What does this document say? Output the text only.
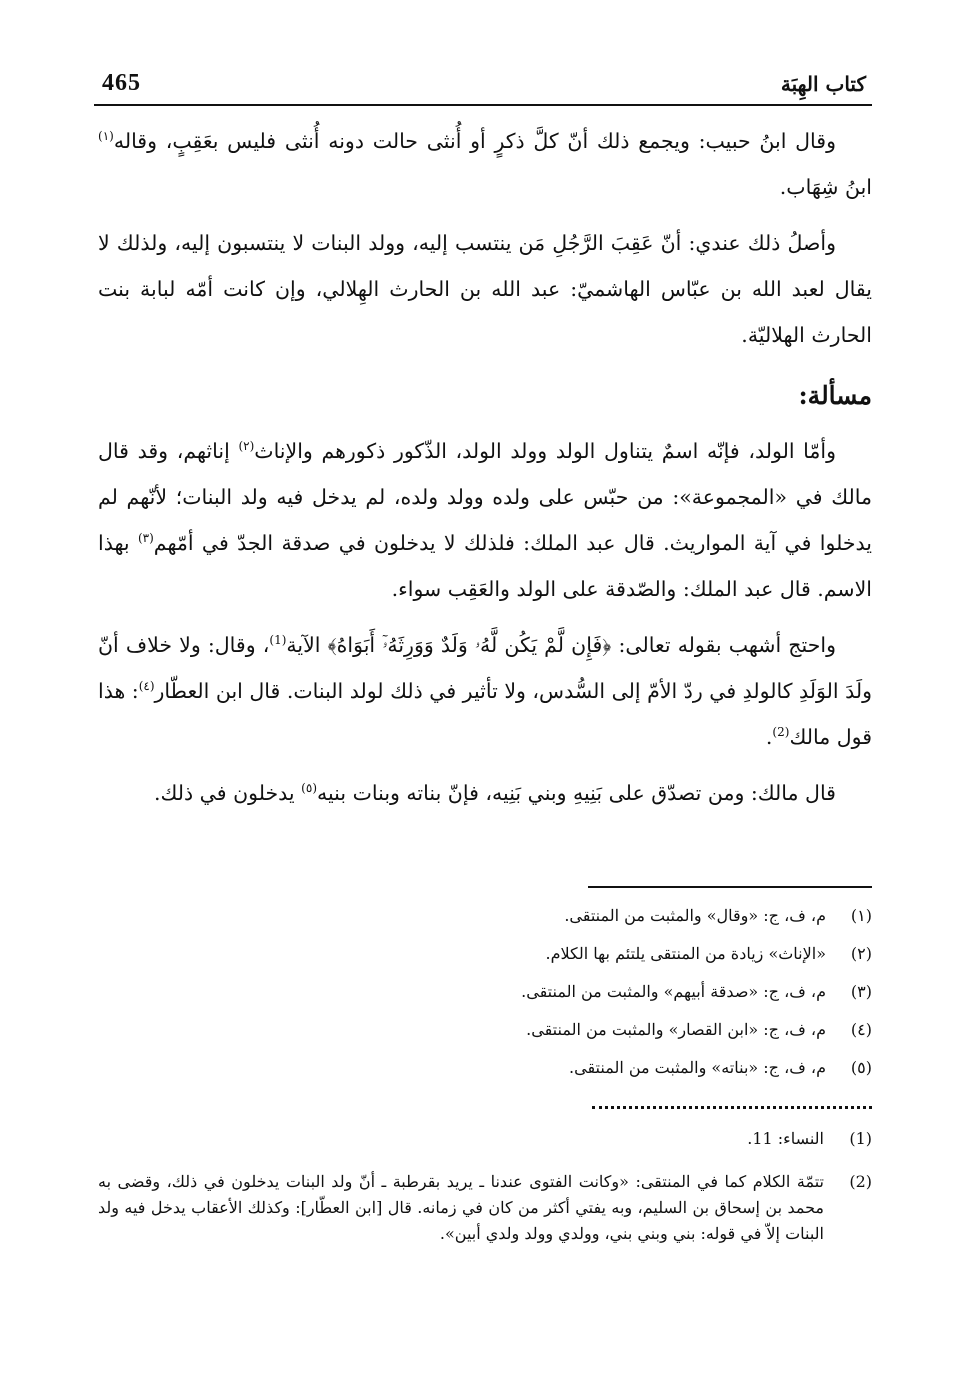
465	كتاب الهِبَة

وقال ابنُ حبيب: ويجمع ذلك أنّ كلَّ ذكرٍ أو أُنثى حالت دونه أُنثى فليس بعَقِبٍ، وقاله$^{(١)}$ ابنُ شِهَاب.

وأصلُ ذلك عندي: أنّ عَقِبَ الرَّجُلِ مَن ينتسب إليه، وولد البنات لا ينتسبون إليه، ولذلك لا يقال لعبد الله بن عبّاس الهاشميّ: عبد الله بن الحارث الهِلالي، وإن كانت أمّه لبابة بنت الحارث الهلاليّة.

مسألة:

وأمّا الولد، فإنّه اسمٌ يتناول الولد وولد الولد، الذّكور ذكورهم والإناث$^{(٢)}$ إناثهم، وقد قال مالك في «المجموعة»: من حبّس على ولده وولد ولده، لم يدخل فيه ولد البنات؛ لأنّهم لم يدخلوا في آية المواريث. قال عبد الملك: فلذلك لا يدخلون في صدقة الجدّ في أمّهم$^{(٣)}$ بهذا الاسم. قال عبد الملك: والصّدقة على الولد والعَقِب سواء.

واحتج أشهب بقوله تعالى: ﴿فَإِن لَّمْ يَكُن لَّهُۥ وَلَدٌ وَوَرِثَهُۥٓ أَبَوَاهُ﴾ الآية$^{(1)}$، وقال: ولا خلاف أنّ ولَدَ الوَلَدِ كالولدِ في ردّ الأمّ إلى السُّدس، ولا تأثير في ذلك لولد البنات. قال ابن العطّار$^{(٤)}$: هذا قول مالك$^{(2)}$.

قال مالك: ومن تصدّق على بَنِيهِ وبني بَنِيه، فإنّ بناته وبنات بنيه$^{(٥)}$ يدخلون في ذلك.

(١)
م، ف، ج: «وقال» والمثبت من المنتقى.
(٢)
«الإناث» زيادة من المنتقى يلتئم بها الكلام.
(٣)
م، ف، ج: «صدقة أبيهم» والمثبت من المنتقى.
(٤)
م، ف، ج: «ابن القصار» والمثبت من المنتقى.
(٥)
م، ف، ج: «بناته» والمثبت من المنتقى.
(1)
النساء: 11.
(2)
تتمّة الكلام كما في المنتقى: «وكانت الفتوى عندنا ـ يريد بقرطبة ـ أنّ ولد البنات يدخلون في ذلك، وقضى به محمد بن إسحاق بن السليم، وبه يفتي أكثر من كان في زمانه. قال [ابن العطّار]: وكذلك الأعقاب يدخل فيه ولد البنات إلاّ في قوله: بني وبني بني، وولدي وولد ولدي أبين».
